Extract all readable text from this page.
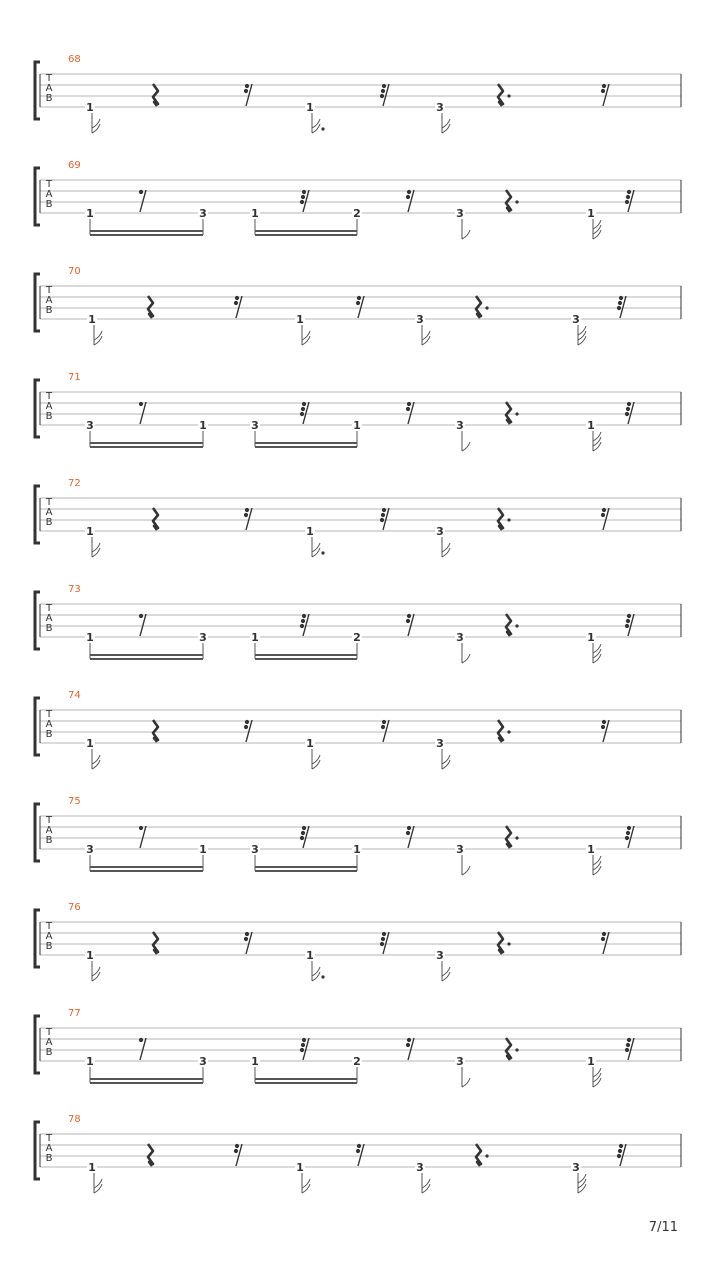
T
A
B
68
1	1	3
T
A
B
69
1	3	1	2	3	1
T
A
B
70
1	1	3	3
T
A
B
71
3	1	3	1	3	1
T
A
B
72
1	1	3
T
A
B
73
1	3	1	2	3	1
T
A
B
74
1	1	3
T
A
B
75
3	1	3	1	3	1
T
A
B
76
1	1	3
T
A
B
77
1	3	1	2	3	1
T
A
B
78
1	1	3	3
7/11
